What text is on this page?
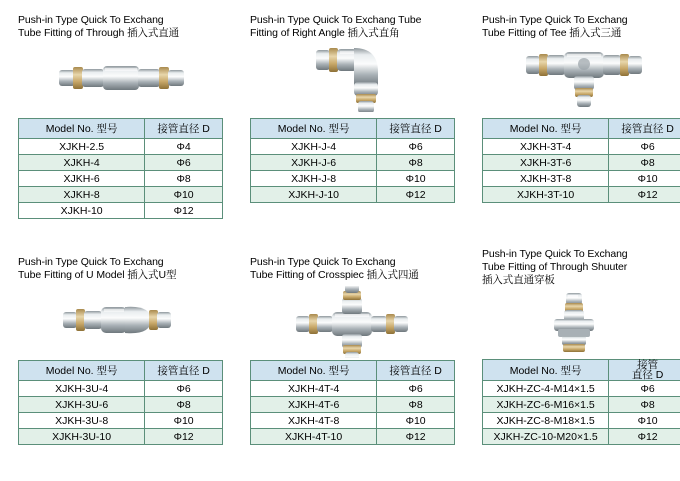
Push-in Type Quick To Exchang
Tube Fitting of Through 插入式直通
Model No. 型号	接管直径 D
XJKH-2.5	Φ4
XJKH-4	Φ6
XJKH-6	Φ8
XJKH-8	Φ10
XJKH-10	Φ12
Push-in Type Quick To Exchang Tube
Fitting of Right Angle 插入式直角
Model No. 型号	接管直径 D
XJKH-J-4	Φ6
XJKH-J-6	Φ8
XJKH-J-8	Φ10
XJKH-J-10	Φ12
Push-in Type Quick To Exchang
Tube Fitting of Tee 插入式三通
Model No. 型号	接管直径 D
XJKH-3T-4	Φ6
XJKH-3T-6	Φ8
XJKH-3T-8	Φ10
XJKH-3T-10	Φ12
Push-in Type Quick To Exchang
Tube Fitting of U Model 插入式U型
Model No. 型号	接管直径 D
XJKH-3U-4	Φ6
XJKH-3U-6	Φ8
XJKH-3U-8	Φ10
XJKH-3U-10	Φ12
Push-in Type Quick To Exchang
Tube Fitting of Crosspiec 插入式四通
Model No. 型号	接管直径 D
XJKH-4T-4	Φ6
XJKH-4T-6	Φ8
XJKH-4T-8	Φ10
XJKH-4T-10	Φ12
Push-in Type Quick To Exchang
Tube Fitting of Through Shuuter
插入式直通穿板
Model No. 型号	接管
直径 D
XJKH-ZC-4-M14×1.5	Φ6
XJKH-ZC-6-M16×1.5	Φ8
XJKH-ZC-8-M18×1.5	Φ10
XJKH-ZC-10-M20×1.5	Φ12
